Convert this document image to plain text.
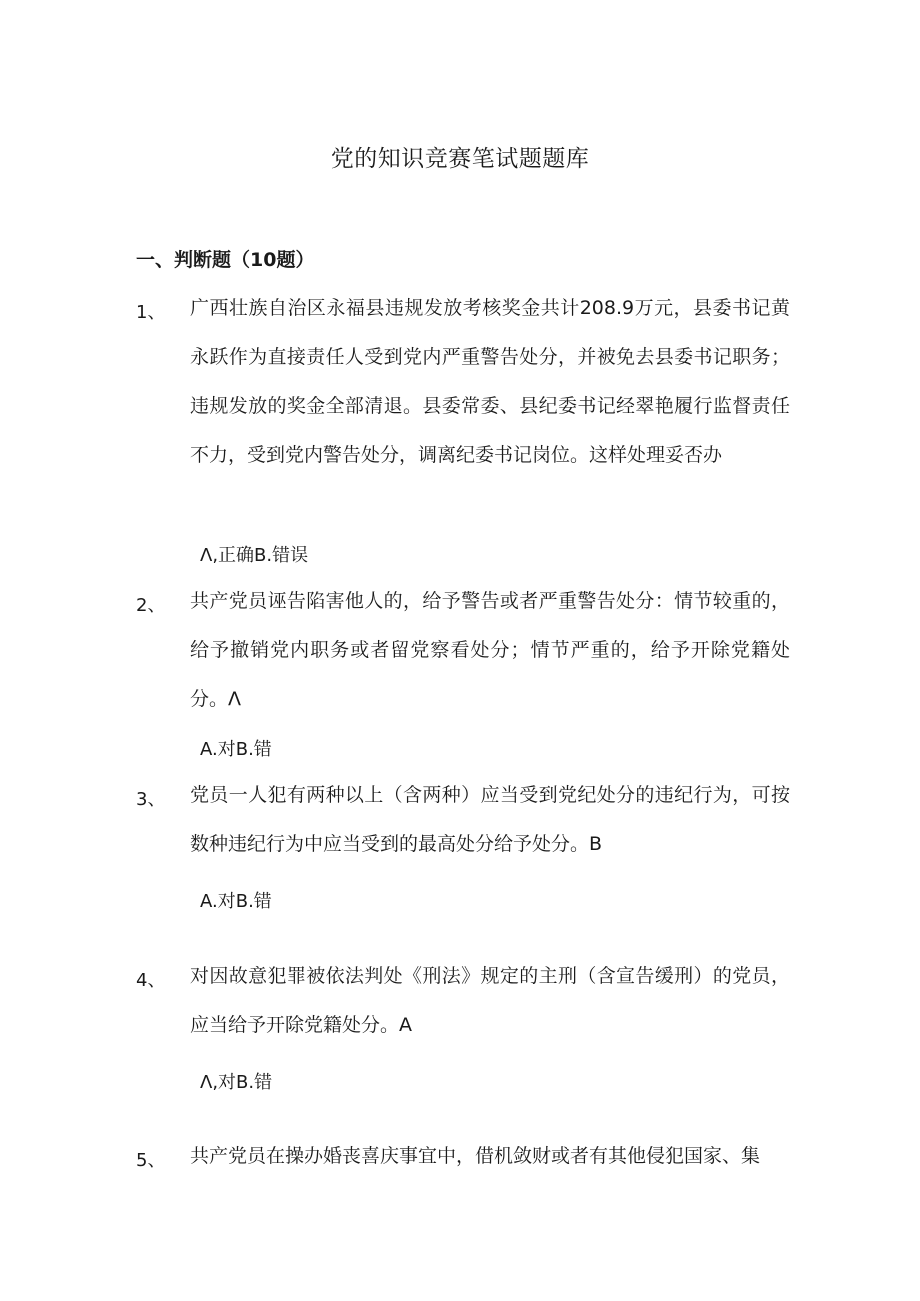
党的知识竞赛笔试题题库
一、判断题（10题）
1、	广西壮族自治区永福县违规发放考核奖金共计208.9万元，县委书记黄永跃作为直接责任人受到党内严重警告处分，并被免去县委书记职务；违规发放的奖金全部清退。县委常委、县纪委书记经翠艳履行监督责任不力，受到党内警告处分，调离纪委书记岗位。这样处理妥否办
Λ,正确B.错误
2、	共产党员诬告陷害他人的，给予警告或者严重警告处分：情节较重的，给予撤销党内职务或者留党察看处分；情节严重的，给予开除党籍处分。Λ
A.对B.错
3、	党员一人犯有两种以上（含两种）应当受到党纪处分的违纪行为，可按数种违纪行为中应当受到的最高处分给予处分。B
A.对B.错
4、	对因故意犯罪被依法判处《刑法》规定的主刑（含宣告缓刑）的党员，应当给予开除党籍处分。A
Λ,对B.错
5、	共产党员在操办婚丧喜庆事宜中，借机敛财或者有其他侵犯国家、集
